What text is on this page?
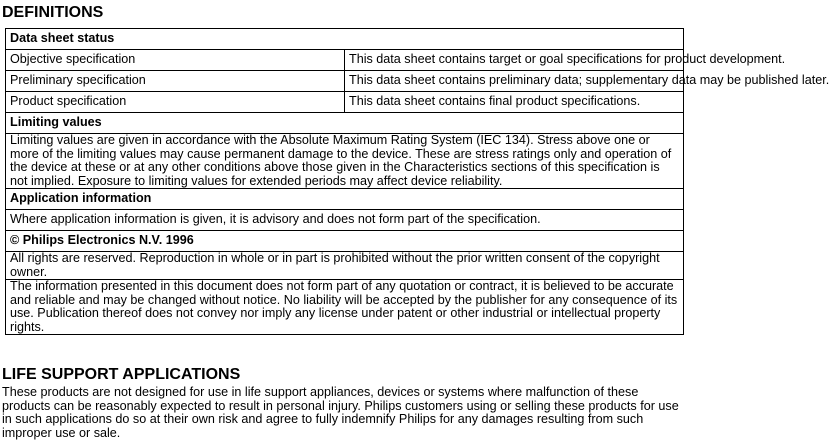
DEFINITIONS
Data sheet status	
Objective specification	This data sheet contains target or goal specifications for product development.
Preliminary specification	This data sheet contains preliminary data; supplementary data may be published later.
Product specification	This data sheet contains final product specifications.
Limiting values	
Limiting values are given in accordance with the Absolute Maximum Rating System (IEC 134). Stress above one or more of the limiting values may cause permanent damage to the device. These are stress ratings only and operation of the device at these or at any other conditions above those given in the Characteristics sections of this specification is not implied. Exposure to limiting values for extended periods may affect device reliability.	
Application information	
Where application information is given, it is advisory and does not form part of the specification.	
© Philips Electronics N.V. 1996	
All rights are reserved. Reproduction in whole or in part is prohibited without the prior written consent of the copyright owner.	
The information presented in this document does not form part of any quotation or contract, it is believed to be accurate and reliable and may be changed without notice. No liability will be accepted by the publisher for any consequence of its use. Publication thereof does not convey nor imply any license under patent or other industrial or intellectual property rights.	
LIFE SUPPORT APPLICATIONS
These products are not designed for use in life support appliances, devices or systems where malfunction of these products can be reasonably expected to result in personal injury. Philips customers using or selling these products for use in such applications do so at their own risk and agree to fully indemnify Philips for any damages resulting from such improper use or sale.
